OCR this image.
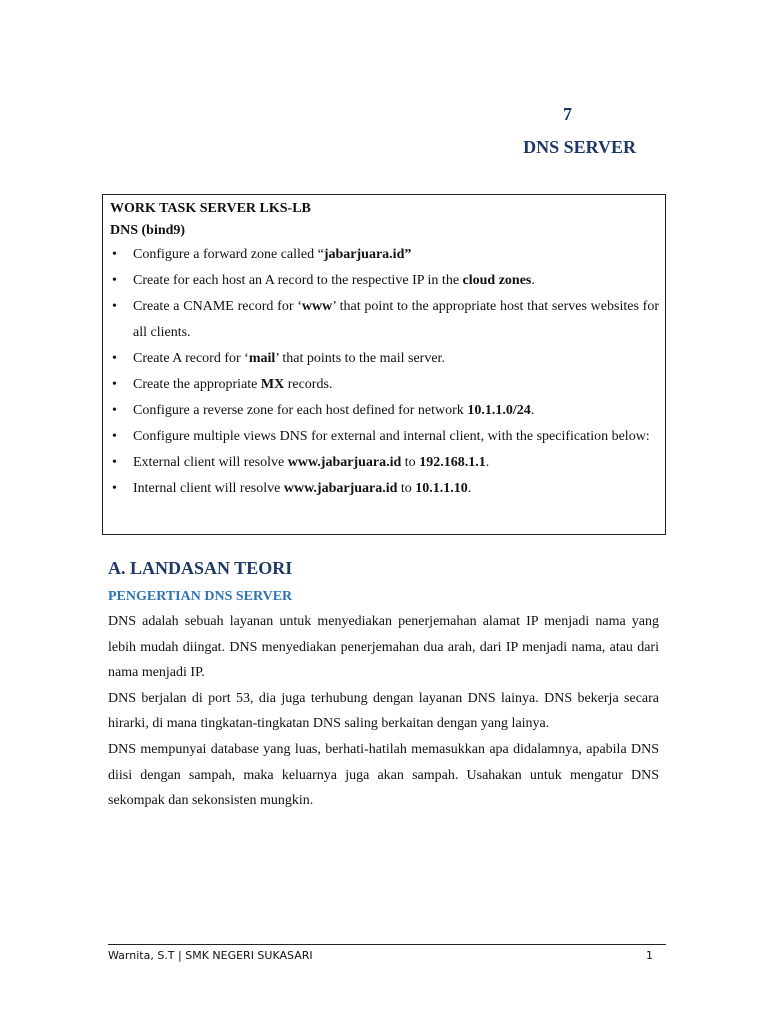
7
DNS SERVER
WORK TASK SERVER LKS-LB
DNS (bind9)
• Configure a forward zone called “jabarjuara.id”
• Create for each host an A record to the respective IP in the cloud zones.
• Create a CNAME record for ‘www’ that point to the appropriate host that serves websites for all clients.
• Create A record for ‘mail’ that points to the mail server.
• Create the appropriate MX records.
• Configure a reverse zone for each host defined for network 10.1.1.0/24.
• Configure multiple views DNS for external and internal client, with the specification below:
• External client will resolve www.jabarjuara.id to 192.168.1.1.
• Internal client will resolve www.jabarjuara.id to 10.1.1.10.
A. LANDASAN TEORI
PENGERTIAN DNS SERVER

DNS adalah sebuah layanan untuk menyediakan penerjemahan alamat IP menjadi nama yang lebih mudah diingat. DNS menyediakan penerjemahan dua arah, dari IP menjadi nama, atau dari nama menjadi IP.

DNS berjalan di port 53, dia juga terhubung dengan layanan DNS lainya. DNS bekerja secara hirarki, di mana tingkatan-tingkatan DNS saling berkaitan dengan yang lainya.

DNS mempunyai database yang luas, berhati-hatilah memasukkan apa didalamnya, apabila DNS diisi dengan sampah, maka keluarnya juga akan sampah. Usahakan untuk mengatur DNS sekompak dan sekonsisten mungkin.

Warnita, S.T | SMK NEGERI SUKASARI	1
